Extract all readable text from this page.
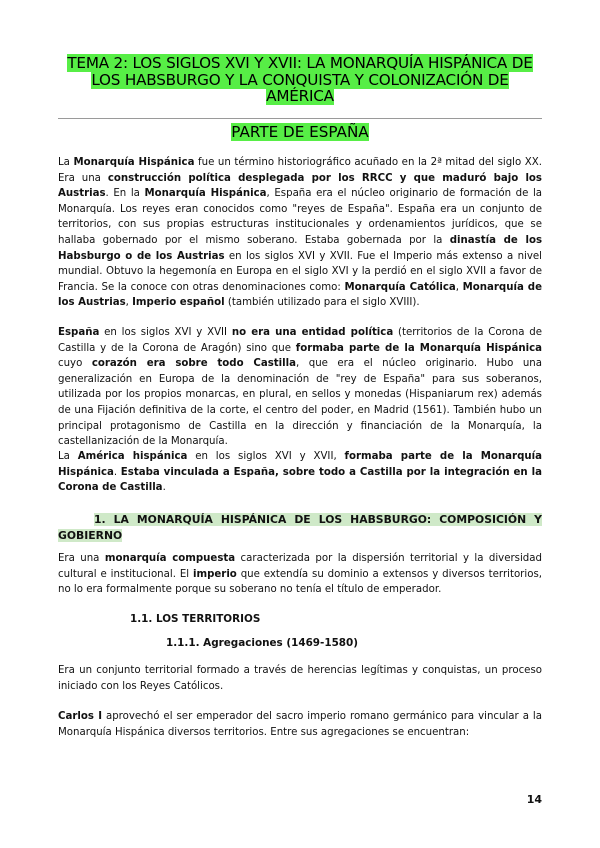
TEMA 2: LOS SIGLOS XVI Y XVII: LA MONARQUÍA HISPÁNICA DE LOS HABSBURGO Y LA CONQUISTA Y COLONIZACIÓN DE AMÉRICA
PARTE DE ESPAÑA
La Monarquía Hispánica fue un término historiográfico acuñado en la 2ª mitad del siglo XX. Era una construcción política desplegada por los RRCC y que maduró bajo los Austrias. En la Monarquía Hispánica, España era el núcleo originario de formación de la Monarquía. Los reyes eran conocidos como "reyes de España". España era un conjunto de territorios, con sus propias estructuras institucionales y ordenamientos jurídicos, que se hallaba gobernado por el mismo soberano. Estaba gobernada por la dinastía de los Habsburgo o de los Austrias en los siglos XVI y XVII. Fue el Imperio más extenso a nivel mundial. Obtuvo la hegemonía en Europa en el siglo XVI y la perdió en el siglo XVII a favor de Francia. Se la conoce con otras denominaciones como: Monarquía Católica, Monarquía de los Austrias, Imperio español (también utilizado para el siglo XVIII).
España en los siglos XVI y XVII no era una entidad política (territorios de la Corona de Castilla y de la Corona de Aragón) sino que formaba parte de la Monarquía Hispánica cuyo corazón era sobre todo Castilla, que era el núcleo originario. Hubo una generalización en Europa de la denominación de "rey de España" para sus soberanos, utilizada por los propios monarcas, en plural, en sellos y monedas (Hispaniarum rex) además de una Fijación definitiva de la corte, el centro del poder, en Madrid (1561). También hubo un principal protagonismo de Castilla en la dirección y financiación de la Monarquía, la castellanización de la Monarquía.
La América hispánica en los siglos XVI y XVII, formaba parte de la Monarquía Hispánica. Estaba vinculada a España, sobre todo a Castilla por la integración en la Corona de Castilla.
1. LA MONARQUÍA HISPÁNICA DE LOS HABSBURGO: COMPOSICIÓN Y GOBIERNO
Era una monarquía compuesta caracterizada por la dispersión territorial y la diversidad cultural e institucional. El imperio que extendía su dominio a extensos y diversos territorios, no lo era formalmente porque su soberano no tenía el título de emperador.
1.1. LOS TERRITORIOS
1.1.1. Agregaciones (1469-1580)
Era un conjunto territorial formado a través de herencias legítimas y conquistas, un proceso iniciado con los Reyes Católicos.
Carlos I aprovechó el ser emperador del sacro imperio romano germánico para vincular a la Monarquía Hispánica diversos territorios. Entre sus agregaciones se encuentran:
14
